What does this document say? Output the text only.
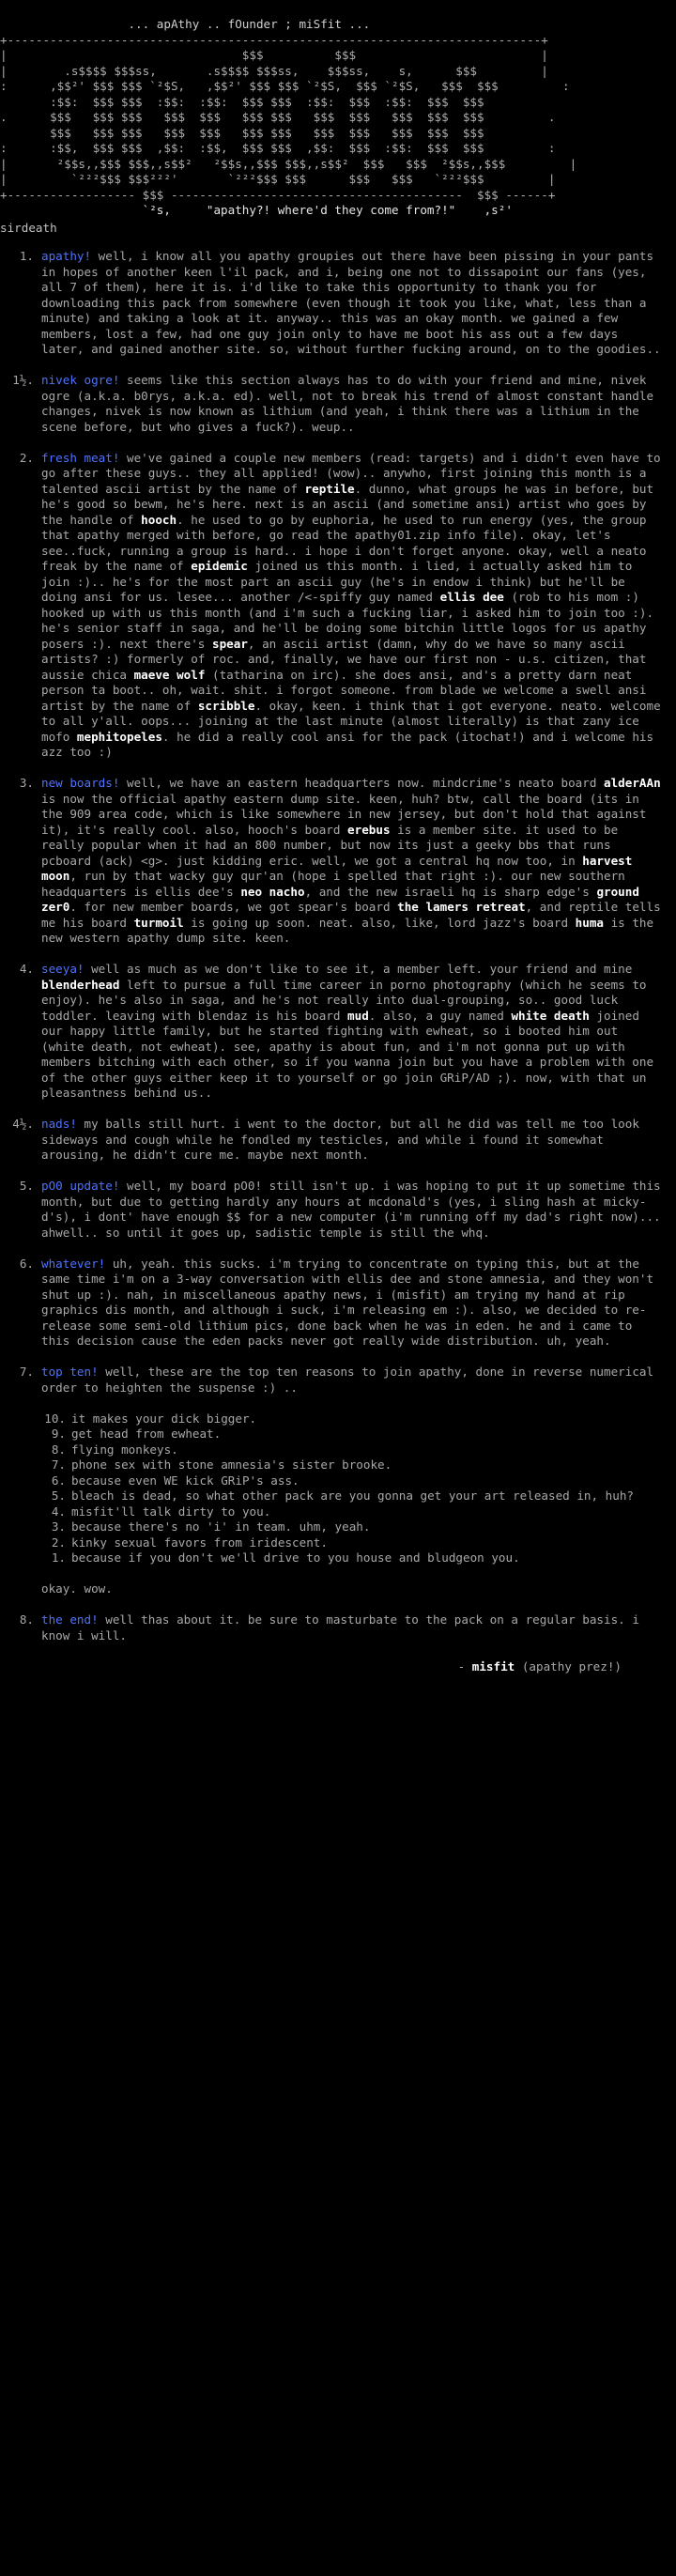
... apAthy .. fOunder ; miSfit ...
+---------------------------------------------------------------------------+
|                                 $$$          $$$                          |
|        .s$$$$ $$$ss,       .s$$$$ $$$ss,    $$$ss,    s,      $$$         |
:      ,$$²' $$$ $$$ `²$S,   ,$$²' $$$ $$$ `²$S,  $$$ `²$S,   $$$  $$$         :
:$$:  $$$ $$$  :$$:  :$$:  $$$ $$$  :$$:  $$$  :$$:  $$$  $$$
.      $$$   $$$ $$$   $$$  $$$   $$$ $$$   $$$  $$$   $$$  $$$  $$$         .
$$$   $$$ $$$   $$$  $$$   $$$ $$$   $$$  $$$   $$$  $$$  $$$
:      :$$,  $$$ $$$  ,$$:  :$$,  $$$ $$$  ,$$:  $$$  :$$:  $$$  $$$         :
|       ²$$s,,$$$ $$$,,s$$²   ²$$s,,$$$ $$$,,s$$²  $$$   $$$  ²$$s,,$$$         |
|         `²²²$$$ $$$²²²'       `²²²$$$ $$$      $$$   $$$   `²²²$$$         |
+------------------ $$$ -----------------------------------------  $$$ ------+
`²s,     "apathy?! where'd they come from?!"    ,s²'

sirdeath
1. apathy! well, i know all you apathy groupies out there have been pissing in your pants in hopes of another keen l'il pack, and i, being one not to dissapoint our fans (yes, all 7 of them), here it is. i'd like to take this opportunity to thank you for downloading this pack from somewhere (even though it took you like, what, less than a minute) and taking a look at it. anyway.. this was an okay month. we gained a few members, lost a few, had one guy join only to have me boot his ass out a few days later, and gained another site. so, without further fucking around, on to the goodies..
1½. nivek ogre! seems like this section always has to do with your friend and mine, nivek ogre (a.k.a. b0rys, a.k.a. ed). well, not to break his trend of almost constant handle changes, nivek is now known as lithium (and yeah, i think there was a lithium in the scene before, but who gives a fuck?). weup..
2. fresh meat! we've gained a couple new members (read: targets) and i didn't even have to go after these guys.. they all applied! (wow).. anywho, first joining this month is a talented ascii artist by the name of reptile. dunno, what groups he was in before, but he's good so bewm, he's here. next is an ascii (and sometime ansi) artist who goes by the handle of hooch. he used to go by euphoria, he used to run energy (yes, the group that apathy merged with before, go read the apathy01.zip info file). okay, let's see..fuck, running a group is hard.. i hope i don't forget anyone. okay, well a neato freak by the name of epidemic joined us this month. i lied, i actually asked him to join :).. he's for the most part an ascii guy (he's in endow i think) but he'll be doing ansi for us. lesee... another /<-spiffy guy named ellis dee (rob to his mom :) hooked up with us this month (and i'm such a fucking liar, i asked him to join too :). he's senior staff in saga, and he'll be doing some bitchin little logos for us apathy posers :). next there's spear, an ascii artist (damn, why do we have so many ascii artists? :) formerly of roc. and, finally, we have our first non - u.s. citizen, that aussie chica maeve wolf (tatharina on irc). she does ansi, and's a pretty darn neat person ta boot.. oh, wait. shit. i forgot someone. from blade we welcome a swell ansi artist by the name of scribble. okay, keen. i think that i got everyone. neato. welcome to all y'all. oops... joining at the last minute (almost literally) is that zany ice mofo mephitopeles. he did a really cool ansi for the pack (itochat!) and i welcome his azz too :)
3. new boards! well, we have an eastern headquarters now. mindcrime's neato board alderAAn is now the official apathy eastern dump site. keen, huh? btw, call the board (its in the 909 area code, which is like somewhere in new jersey, but don't hold that against it), it's really cool. also, hooch's board erebus is a member site. it used to be really popular when it had an 800 number, but now its just a geeky bbs that runs pcboard (ack) <g>. just kidding eric. well, we got a central hq now too, in harvest moon, run by that wacky guy qur'an (hope i spelled that right :). our new southern headquarters is ellis dee's neo nacho, and the new israeli hq is sharp edge's ground zer0. for new member boards, we got spear's board the lamers retreat, and reptile tells me his board turmoil is going up soon. neat. also, like, lord jazz's board huma is the new western apathy dump site. keen.
4. seeya! well as much as we don't like to see it, a member left. your friend and mine blenderhead left to pursue a full time career in porno photography (which he seems to enjoy). he's also in saga, and he's not really into dual-grouping, so.. good luck toddler. leaving with blendaz is his board mud. also, a guy named white death joined our happy little family, but he started fighting with ewheat, so i booted him out (white death, not ewheat). see, apathy is about fun, and i'm not gonna put up with members bitching with each other, so if you wanna join but you have a problem with one of the other guys either keep it to yourself or go join GRiP/AD ;). now, with that un pleasantness behind us..
4½. nads! my balls still hurt. i went to the doctor, but all he did was tell me too look sideways and cough while he fondled my testicles, and while i found it somewhat arousing, he didn't cure me. maybe next month.
5. pO0 update! well, my board pO0! still isn't up. i was hoping to put it up sometime this month, but due to getting hardly any hours at mcdonald's (yes, i sling hash at micky-d's), i dont' have enough $$ for a new computer (i'm running off my dad's right now)... ahwell.. so until it goes up, sadistic temple is still the whq.
6. whatever! uh, yeah. this sucks. i'm trying to concentrate on typing this, but at the same time i'm on a 3-way conversation with ellis dee and stone amnesia, and they won't shut up :). nah, in miscellaneous apathy news, i (misfit) am trying my hand at rip graphics dis month, and although i suck, i'm releasing em :). also, we decided to re-release some semi-old lithium pics, done back when he was in eden. he and i came to this decision cause the eden packs never got really wide distribution. uh, yeah.
7. top ten! well, these are the top ten reasons to join apathy, done in reverse numerical order to heighten the suspense :) ..
10. it makes your dick bigger.
9. get head from ewheat.
8. flying monkeys.
7. phone sex with stone amnesia's sister brooke.
6. because even WE kick GRiP's ass.
5. bleach is dead, so what other pack are you gonna get your art released in, huh?
4. misfit'll talk dirty to you.
3. because there's no 'i' in team. uhm, yeah.
2. kinky sexual favors from iridescent.
1. because if you don't we'll drive to you house and bludgeon you.
okay. wow.
8. the end! well thas about it. be sure to masturbate to the pack on a regular basis. i know i will.
- misfit (apathy prez!)
